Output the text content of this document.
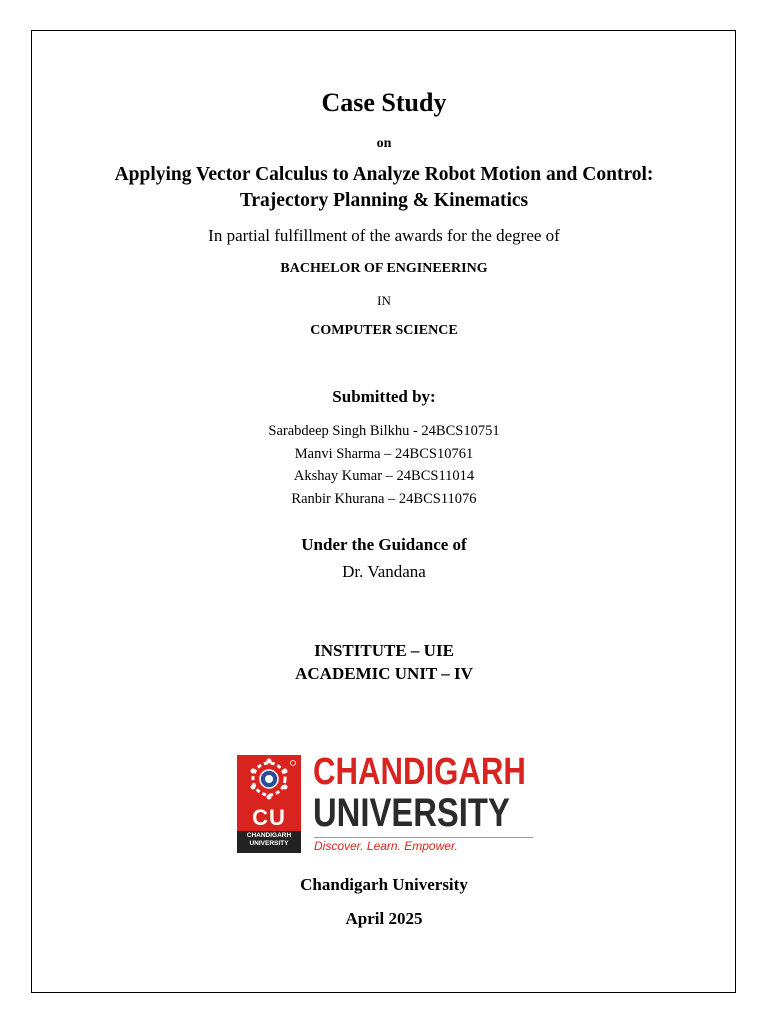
Case Study
on
Applying Vector Calculus to Analyze Robot Motion and Control:
Trajectory Planning & Kinematics
In partial fulfillment of the awards for the degree of
BACHELOR OF ENGINEERING
IN
COMPUTER SCIENCE
Submitted by:
Sarabdeep Singh Bilkhu - 24BCS10751
Manvi Sharma – 24BCS10761
Akshay Kumar – 24BCS11014
Ranbir Khurana – 24BCS11076
Under the Guidance of
Dr. Vandana
INSTITUTE – UIE
ACADEMIC UNIT – IV
CU
CHANDIGARH
UNIVERSITY
CHANDIGARH
UNIVERSITY
Discover. Learn. Empower.
Chandigarh University
April 2025
